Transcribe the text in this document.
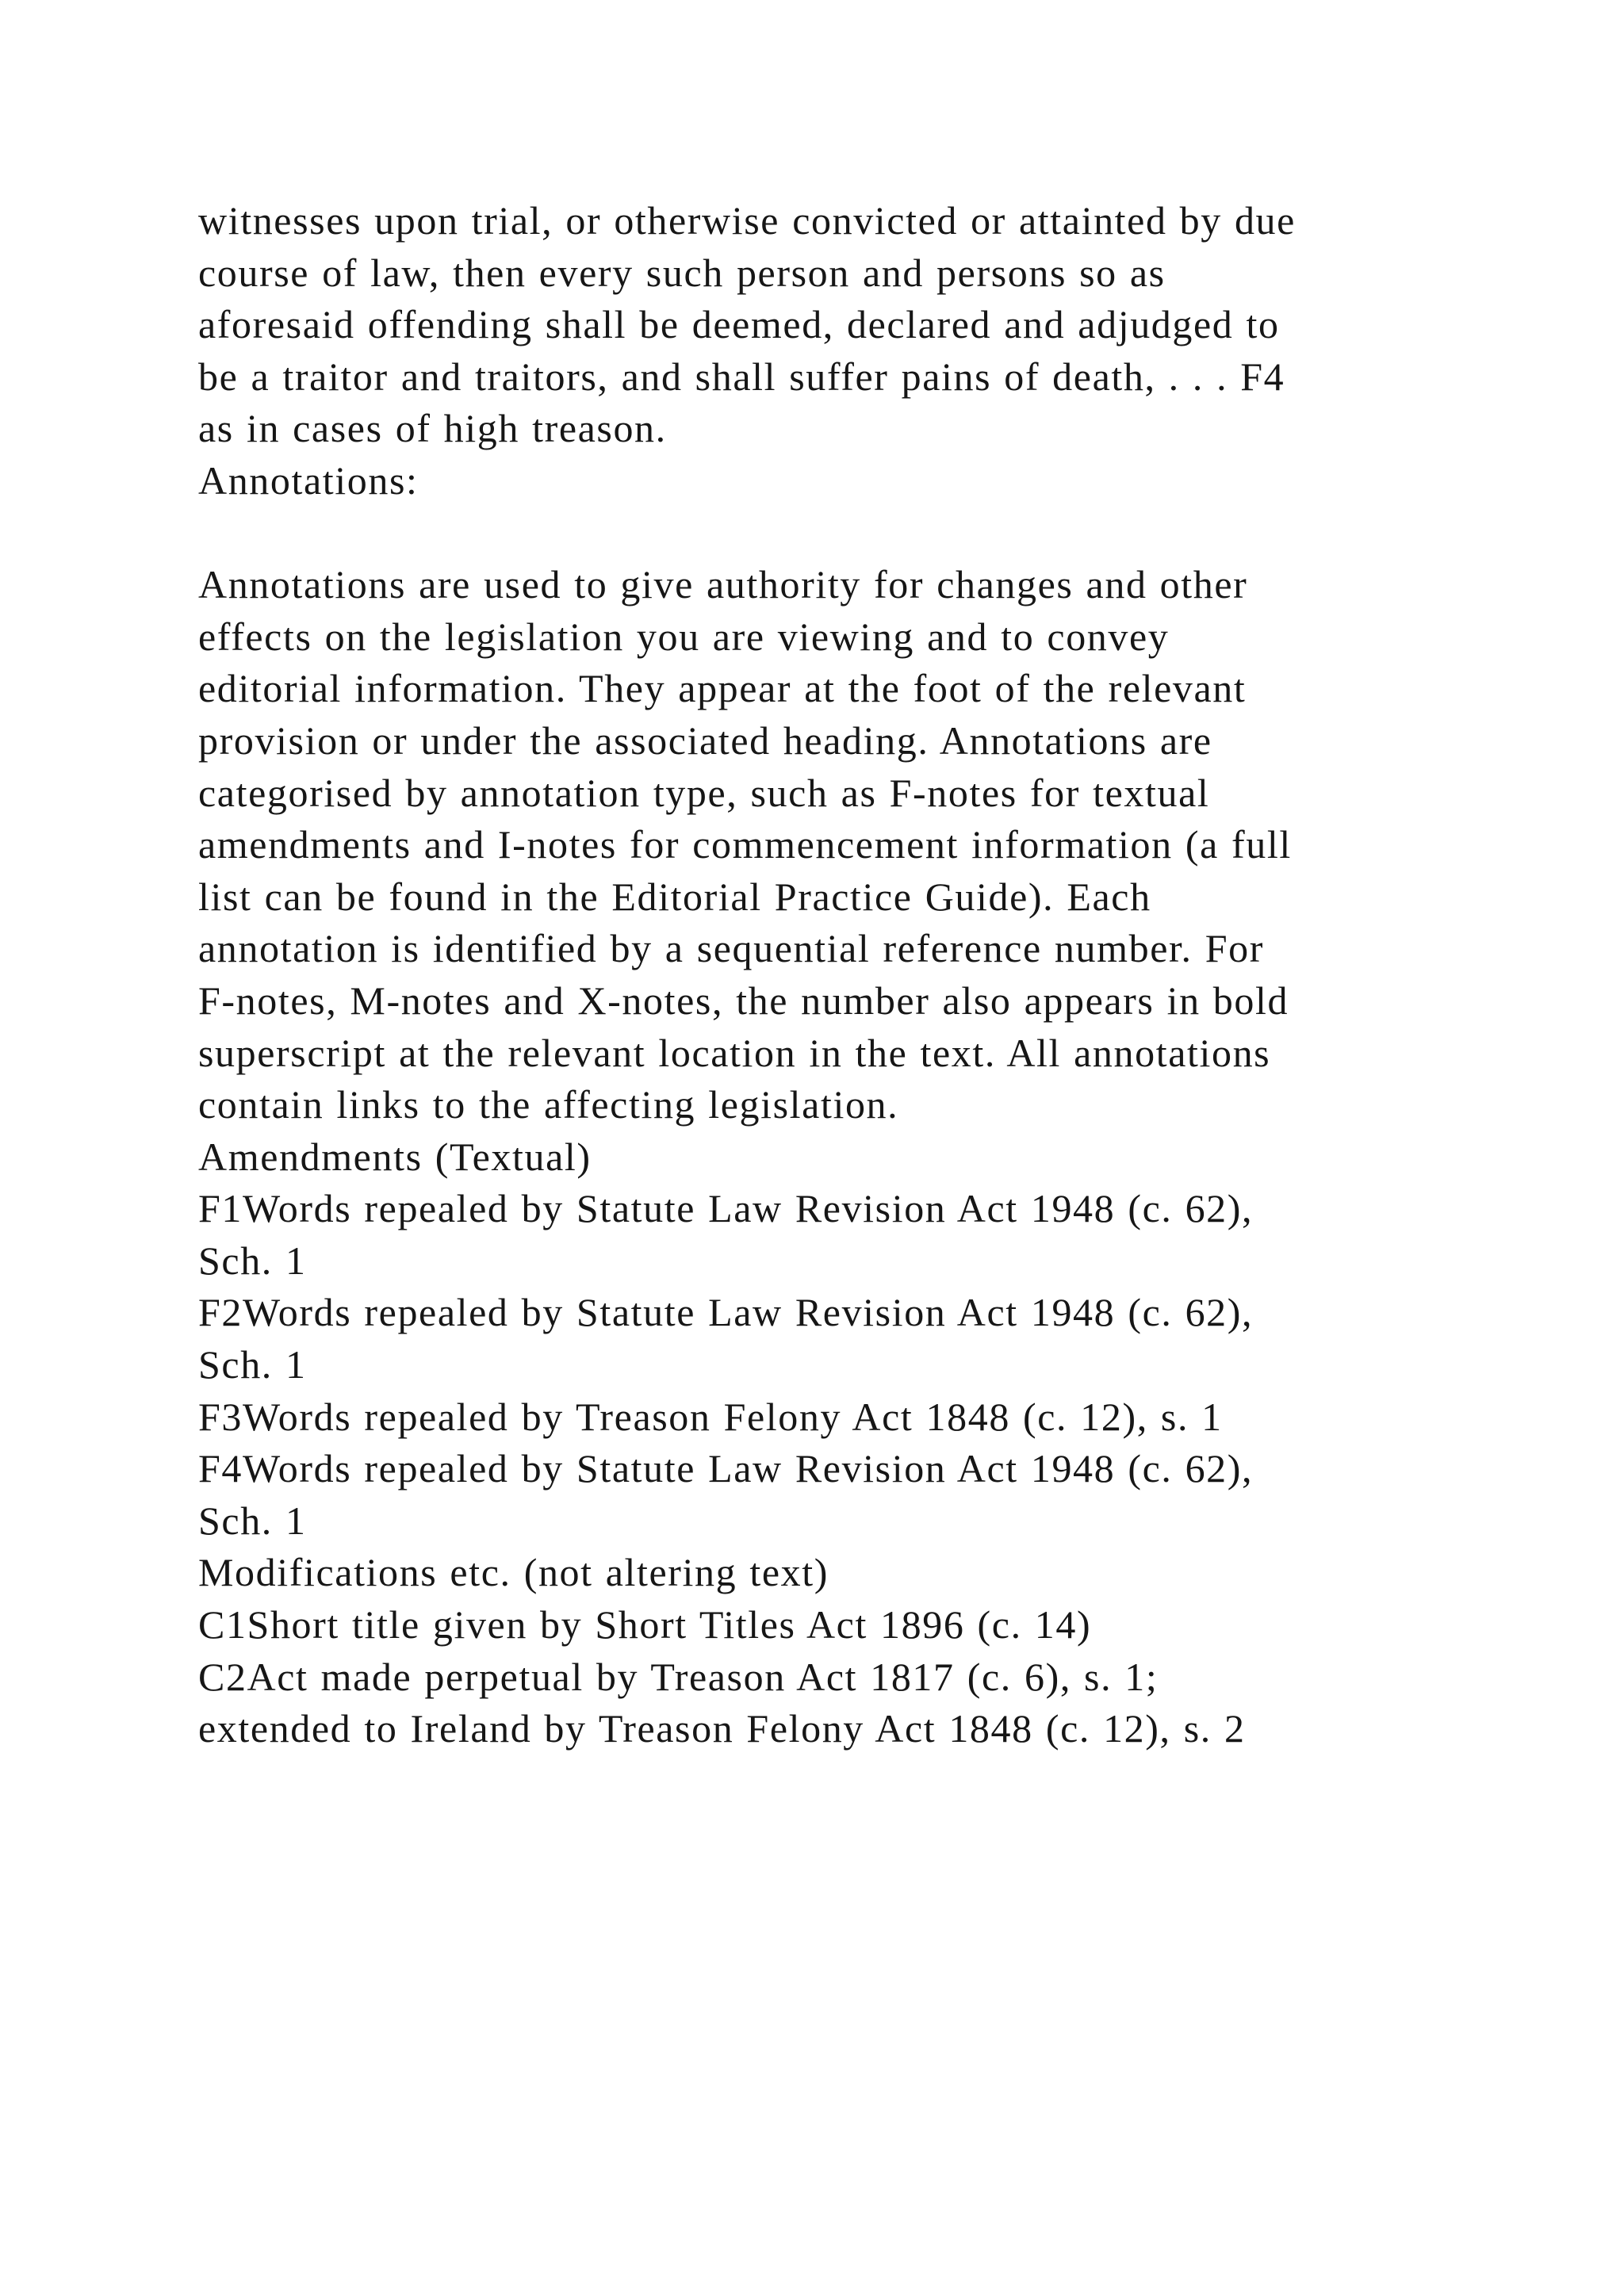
witnesses upon trial, or otherwise convicted or attainted by due
course of law, then every such person and persons so as
aforesaid offending shall be deemed, declared and adjudged to
be a traitor and traitors, and shall suffer pains of death, . . . F4
as in cases of high treason.
Annotations:
Annotations are used to give authority for changes and other
effects on the legislation you are viewing and to convey
editorial information. They appear at the foot of the relevant
provision or under the associated heading. Annotations are
categorised by annotation type, such as F-notes for textual
amendments and I-notes for commencement information (a full
list can be found in the Editorial Practice Guide). Each
annotation is identified by a sequential reference number. For
F-notes, M-notes and X-notes, the number also appears in bold
superscript at the relevant location in the text. All annotations
contain links to the affecting legislation.
Amendments (Textual)
F1Words repealed by Statute Law Revision Act 1948 (c. 62),
Sch. 1
F2Words repealed by Statute Law Revision Act 1948 (c. 62),
Sch. 1
F3Words repealed by Treason Felony Act 1848 (c. 12), s. 1
F4Words repealed by Statute Law Revision Act 1948 (c. 62),
Sch. 1
Modifications etc. (not altering text)
C1Short title given by Short Titles Act 1896 (c. 14)
C2Act made perpetual by Treason Act 1817 (c. 6), s. 1;
extended to Ireland by Treason Felony Act 1848 (c. 12), s. 2
